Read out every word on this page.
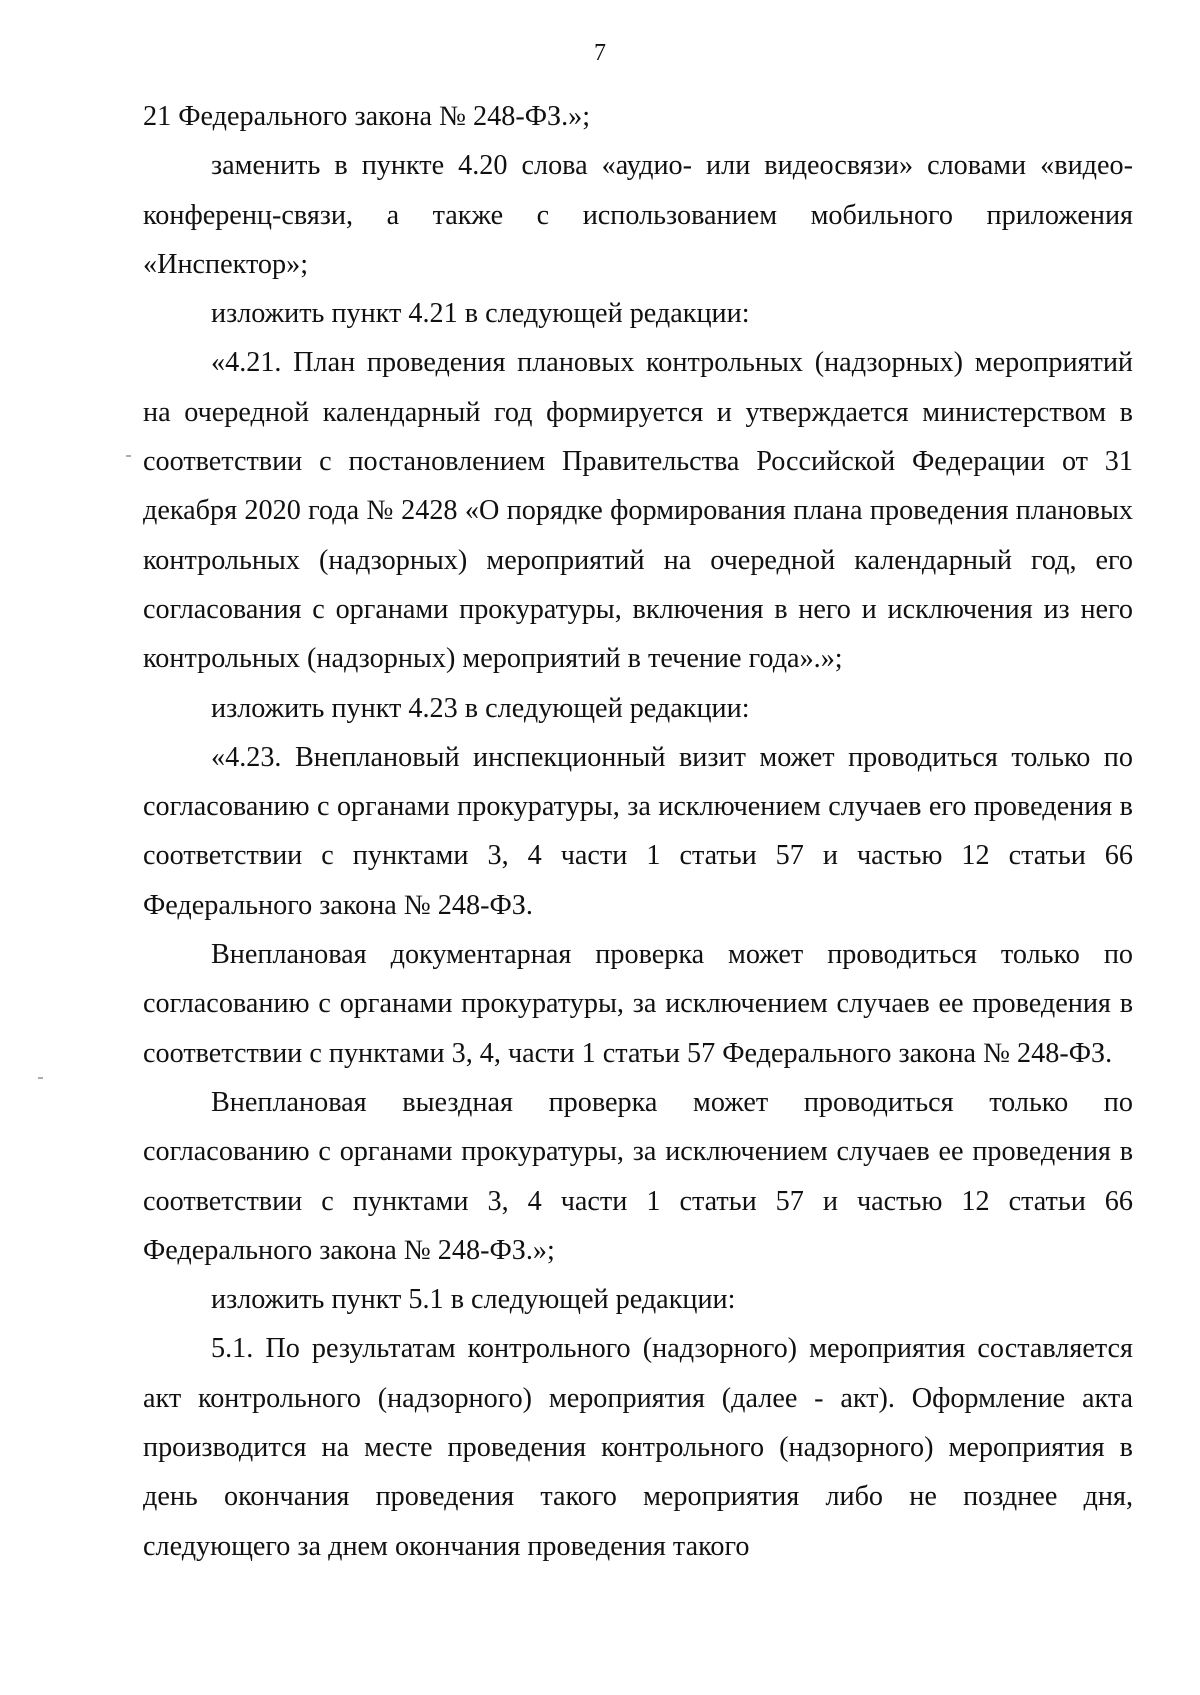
7

21 Федерального закона № 248-ФЗ.»;

заменить в пункте 4.20 слова «аудио- или видеосвязи» словами «видео-конференц-связи, а также с использованием мобильного приложения «Инспектор»;

изложить пункт 4.21 в следующей редакции:

«4.21. План проведения плановых контрольных (надзорных) мероприятий на очередной календарный год формируется и утверждается министерством в соответствии с постановлением Правительства Российской Федерации от 31 декабря 2020 года № 2428 «О порядке формирования плана проведения плановых контрольных (надзорных) мероприятий на очередной календарный год, его согласования с органами прокуратуры, включения в него и исключения из него контрольных (надзорных) мероприятий в течение года».»;

изложить пункт 4.23 в следующей редакции:

«4.23. Внеплановый инспекционный визит может проводиться только по согласованию с органами прокуратуры, за исключением случаев его проведения в соответствии с пунктами 3, 4 части 1 статьи 57 и частью 12 статьи 66 Федерального закона № 248-ФЗ.

Внеплановая документарная проверка может проводиться только по согласованию с органами прокуратуры, за исключением случаев ее проведения в соответствии с пунктами 3, 4, части 1 статьи 57 Федерального закона № 248-ФЗ.

Внеплановая выездная проверка может проводиться только по согласованию с органами прокуратуры, за исключением случаев ее проведения в соответствии с пунктами 3, 4 части 1 статьи 57 и частью 12 статьи 66 Федерального закона № 248-ФЗ.»;

изложить пункт 5.1 в следующей редакции:

5.1. По результатам контрольного (надзорного) мероприятия составляется акт контрольного (надзорного) мероприятия (далее - акт). Оформление акта производится на месте проведения контрольного (надзорного) мероприятия в день окончания проведения такого мероприятия либо не позднее дня, следующего за днем окончания проведения такого
